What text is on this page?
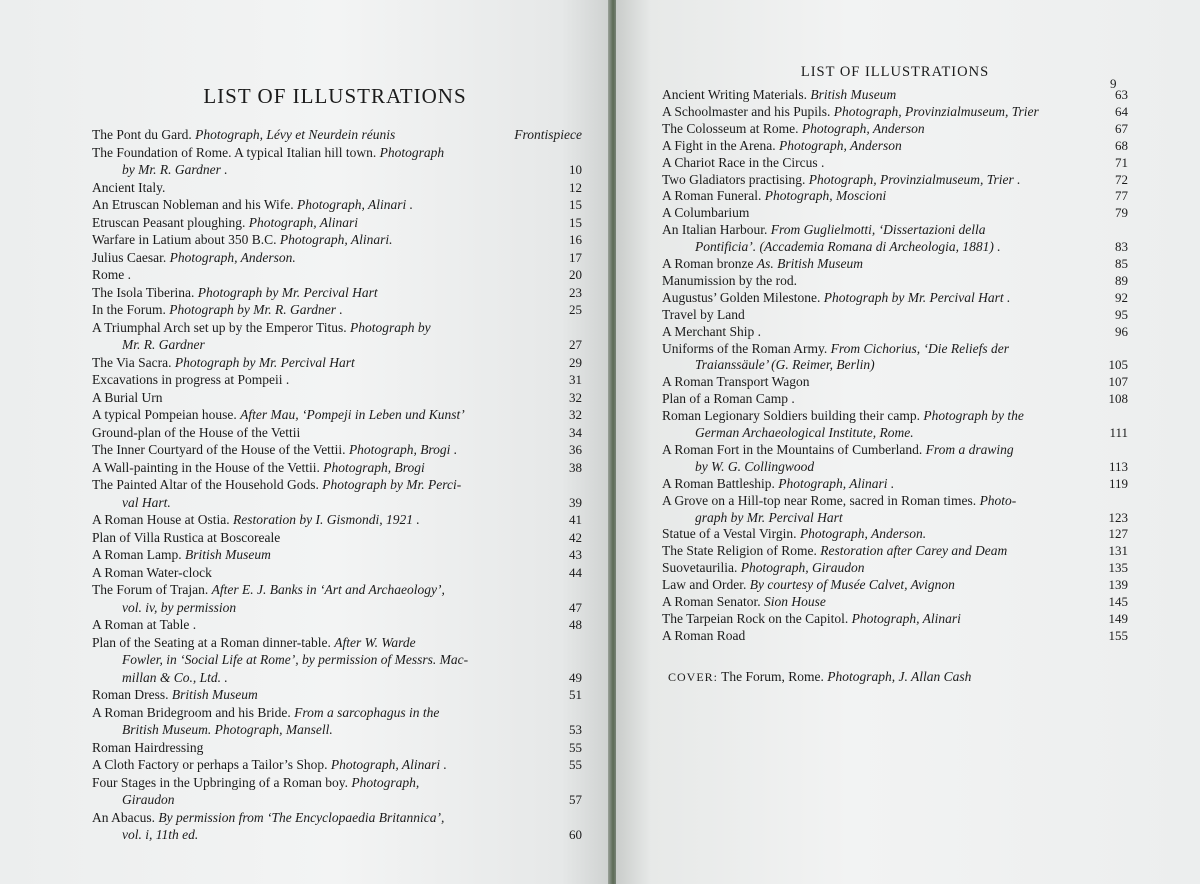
LIST OF ILLUSTRATIONS
The Pont du Gard. Photograph, Lévy et Neurdein réunis	Frontispiece
The Foundation of Rome. A typical Italian hill town. Photograph
by Mr. R. Gardner .	10
Ancient Italy.	12
An Etruscan Nobleman and his Wife. Photograph, Alinari .	15
Etruscan Peasant ploughing. Photograph, Alinari	15
Warfare in Latium about 350 B.C. Photograph, Alinari.	16
Julius Caesar. Photograph, Anderson.	17
Rome .	20
The Isola Tiberina. Photograph by Mr. Percival Hart	23
In the Forum. Photograph by Mr. R. Gardner .	25
A Triumphal Arch set up by the Emperor Titus. Photograph by
Mr. R. Gardner	27
The Via Sacra. Photograph by Mr. Percival Hart	29
Excavations in progress at Pompeii .	31
A Burial Urn	32
A typical Pompeian house. After Mau, ‘Pompeji in Leben und Kunst’	32
Ground-plan of the House of the Vettii	34
The Inner Courtyard of the House of the Vettii. Photograph, Brogi .	36
A Wall-painting in the House of the Vettii. Photograph, Brogi	38
The Painted Altar of the Household Gods. Photograph by Mr. Perci-
val Hart.	39
A Roman House at Ostia. Restoration by I. Gismondi, 1921 .	41
Plan of Villa Rustica at Boscoreale	42
A Roman Lamp. British Museum	43
A Roman Water-clock	44
The Forum of Trajan. After E. J. Banks in ‘Art and Archaeology’,
vol. iv, by permission	47
A Roman at Table .	48
Plan of the Seating at a Roman dinner-table. After W. Warde
Fowler, in ‘Social Life at Rome’, by permission of Messrs. Mac-
millan & Co., Ltd. .	49
Roman Dress. British Museum	51
A Roman Bridegroom and his Bride. From a sarcophagus in the
British Museum. Photograph, Mansell.	53
Roman Hairdressing	55
A Cloth Factory or perhaps a Tailor’s Shop. Photograph, Alinari .	55
Four Stages in the Upbringing of a Roman boy. Photograph,
Giraudon	57
An Abacus. By permission from ‘The Encyclopaedia Britannica’,
vol. i, 11th ed.	60
Ancient Writing Materials. British Museum	63
A Schoolmaster and his Pupils. Photograph, Provinzialmuseum, Trier	64
The Colosseum at Rome. Photograph, Anderson	67
A Fight in the Arena. Photograph, Anderson	68
A Chariot Race in the Circus .	71
Two Gladiators practising. Photograph, Provinzialmuseum, Trier .	72
A Roman Funeral. Photograph, Moscioni	77
A Columbarium	79
An Italian Harbour. From Guglielmotti, ‘Dissertazioni della
Pontificia’. (Accademia Romana di Archeologia, 1881) .	83
A Roman bronze As. British Museum	85
Manumission by the rod.	89
Augustus’ Golden Milestone. Photograph by Mr. Percival Hart .	92
Travel by Land	95
A Merchant Ship .	96
Uniforms of the Roman Army. From Cichorius, ‘Die Reliefs der
Traianssäule’ (G. Reimer, Berlin)	105
A Roman Transport Wagon	107
Plan of a Roman Camp .	108
Roman Legionary Soldiers building their camp. Photograph by the
German Archaeological Institute, Rome.	111
A Roman Fort in the Mountains of Cumberland. From a drawing
by W. G. Collingwood	113
A Roman Battleship. Photograph, Alinari .	119
A Grove on a Hill-top near Rome, sacred in Roman times. Photo-
graph by Mr. Percival Hart	123
Statue of a Vestal Virgin. Photograph, Anderson.	127
The State Religion of Rome. Restoration after Carey and Deam	131
Suovetaurilia. Photograph, Giraudon	135
Law and Order. By courtesy of Musée Calvet, Avignon	139
A Roman Senator. Sion House	145
The Tarpeian Rock on the Capitol. Photograph, Alinari	149
A Roman Road	155
LIST OF ILLUSTRATIONS
9
COVER: The Forum, Rome. Photograph, J. Allan Cash
